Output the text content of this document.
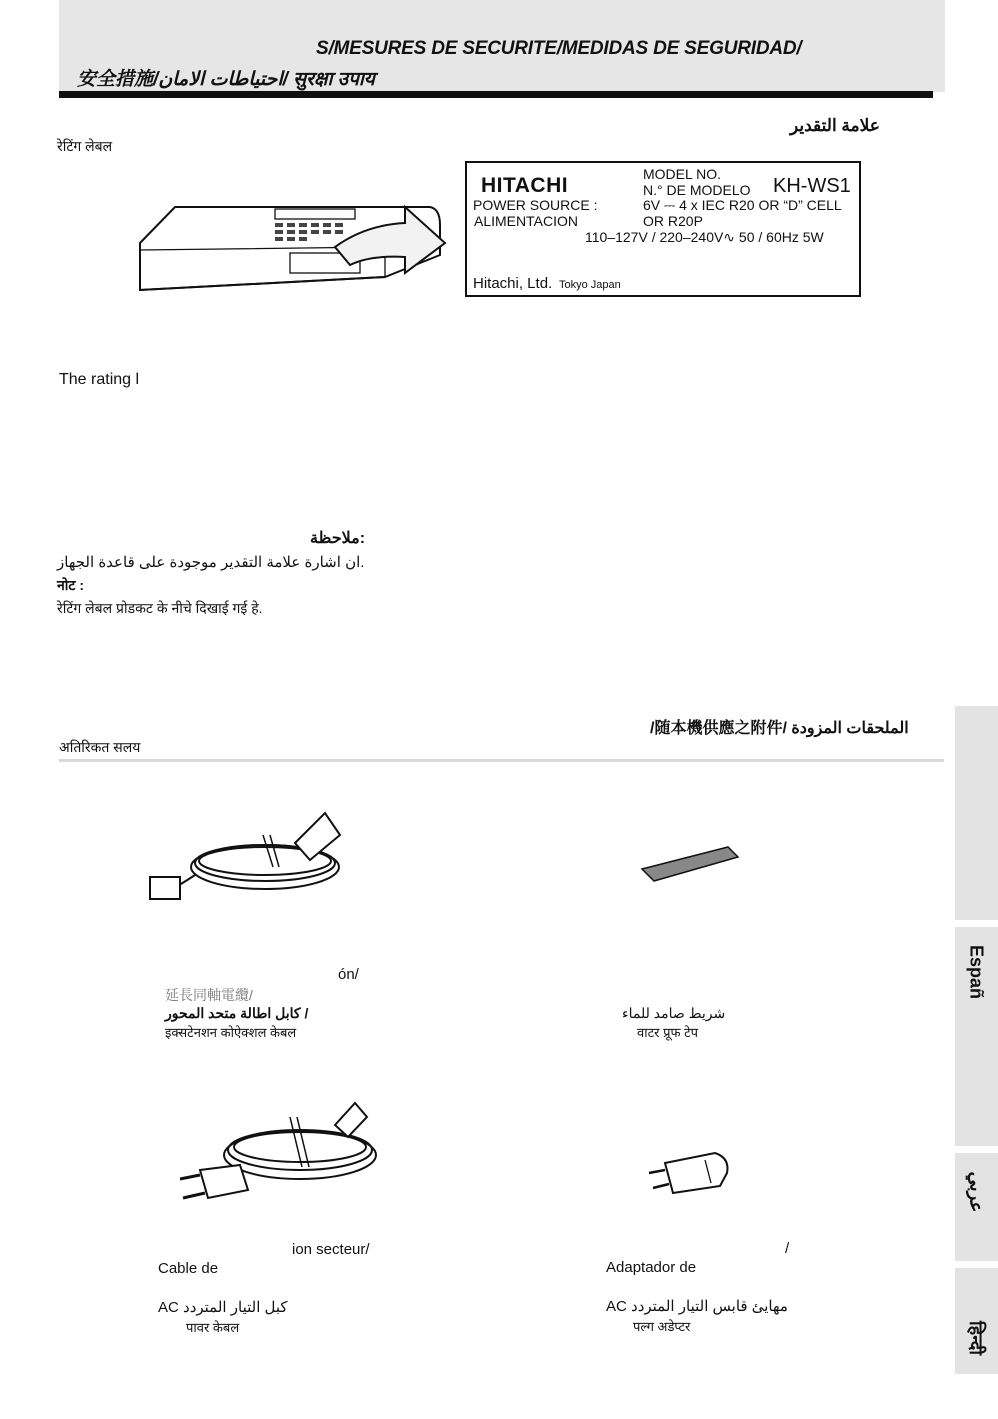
S/MESURES DE SECURITE/MEDIDAS DE SEGURIDAD/
安全措施/احتياطات الامان/ सुरक्षा उपाय
علامة التقدير
रेटिंग लेबल
HITACHI	MODEL NO.
N.° DE MODELO KH-WS1
POWER SOURCE :	6V ⎓ 4 x IEC R20 OR “D” CELL
ALIMENTACION	OR R20P
110–127V / 220–240V∿ 50 / 60Hz 5W
Hitachi, Ltd. Tokyo Japan
The rating l
ملاحظة:
ان اشارة علامة التقدير موجودة على قاعدة الجهاز.
नोट :
रेटिंग लेबल प्रोडकट के नीचे दिखाई गई हे.
/随本機供應之附件/ الملحقات المزودة
अतिरिकत सलय
ón/
延長同軸電纜/
كابل اطالة متحد المحور /
इक्सटेनशन कोऐक्शल केबल
شريط صامد للماء
वाटर प्रूफ टेप
ion secteur/
Cable de
AC كبل التيار المتردد
पावर केबल
/
Adaptador de
AC مهايئ قابس التيار المتردد
पल्ग अडेप्टर
Españ
عربي
हिन्दी
